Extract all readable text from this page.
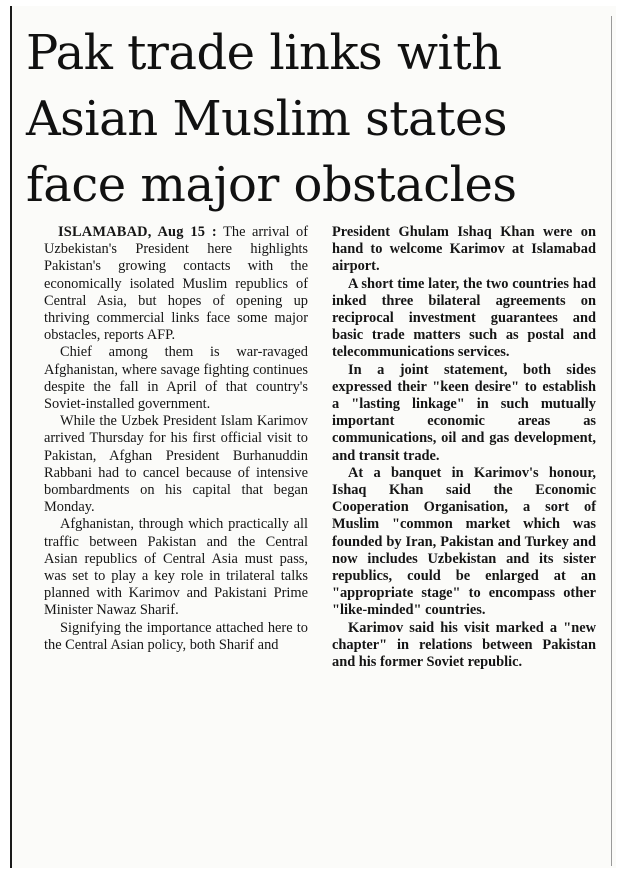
Pak trade links with
Asian Muslim states
face major obstacles

ISLAMABAD, Aug 15 : The arrival of Uzbekistan's President here highlights Pakistan's growing contacts with the economically isolated Muslim republics of Central Asia, but hopes of opening up thriving commercial links face some major obstacles, reports AFP.

Chief among them is war-ravaged Afghanistan, where savage fighting continues despite the fall in April of that country's Soviet-installed government.

While the Uzbek President Islam Karimov arrived Thursday for his first official visit to Pakistan, Afghan President Burhanuddin Rabbani had to cancel because of intensive bombardments on his capital that began Monday.

Afghanistan, through which practically all traffic between Pakistan and the Central Asian republics of Central Asia must pass, was set to play a key role in trilateral talks planned with Karimov and Pakistani Prime Minister Nawaz Sharif.

Signifying the importance attached here to the Central Asian policy, both Sharif and

President Ghulam Ishaq Khan were on hand to welcome Karimov at Islamabad airport.

A short time later, the two countries had inked three bilateral agreements on reciprocal investment guarantees and basic trade matters such as postal and telecommunications services.

In a joint statement, both sides expressed their "keen desire" to establish a "lasting linkage" in such mutually important economic areas as communications, oil and gas development, and transit trade.

At a banquet in Karimov's honour, Ishaq Khan said the Economic Cooperation Organisation, a sort of Muslim "common market which was founded by Iran, Pakistan and Turkey and now includes Uzbekistan and its sister republics, could be enlarged at an "appropriate stage" to encompass other "like-minded" countries.

Karimov said his visit marked a "new chapter" in relations between Pakistan and his former Soviet republic.
